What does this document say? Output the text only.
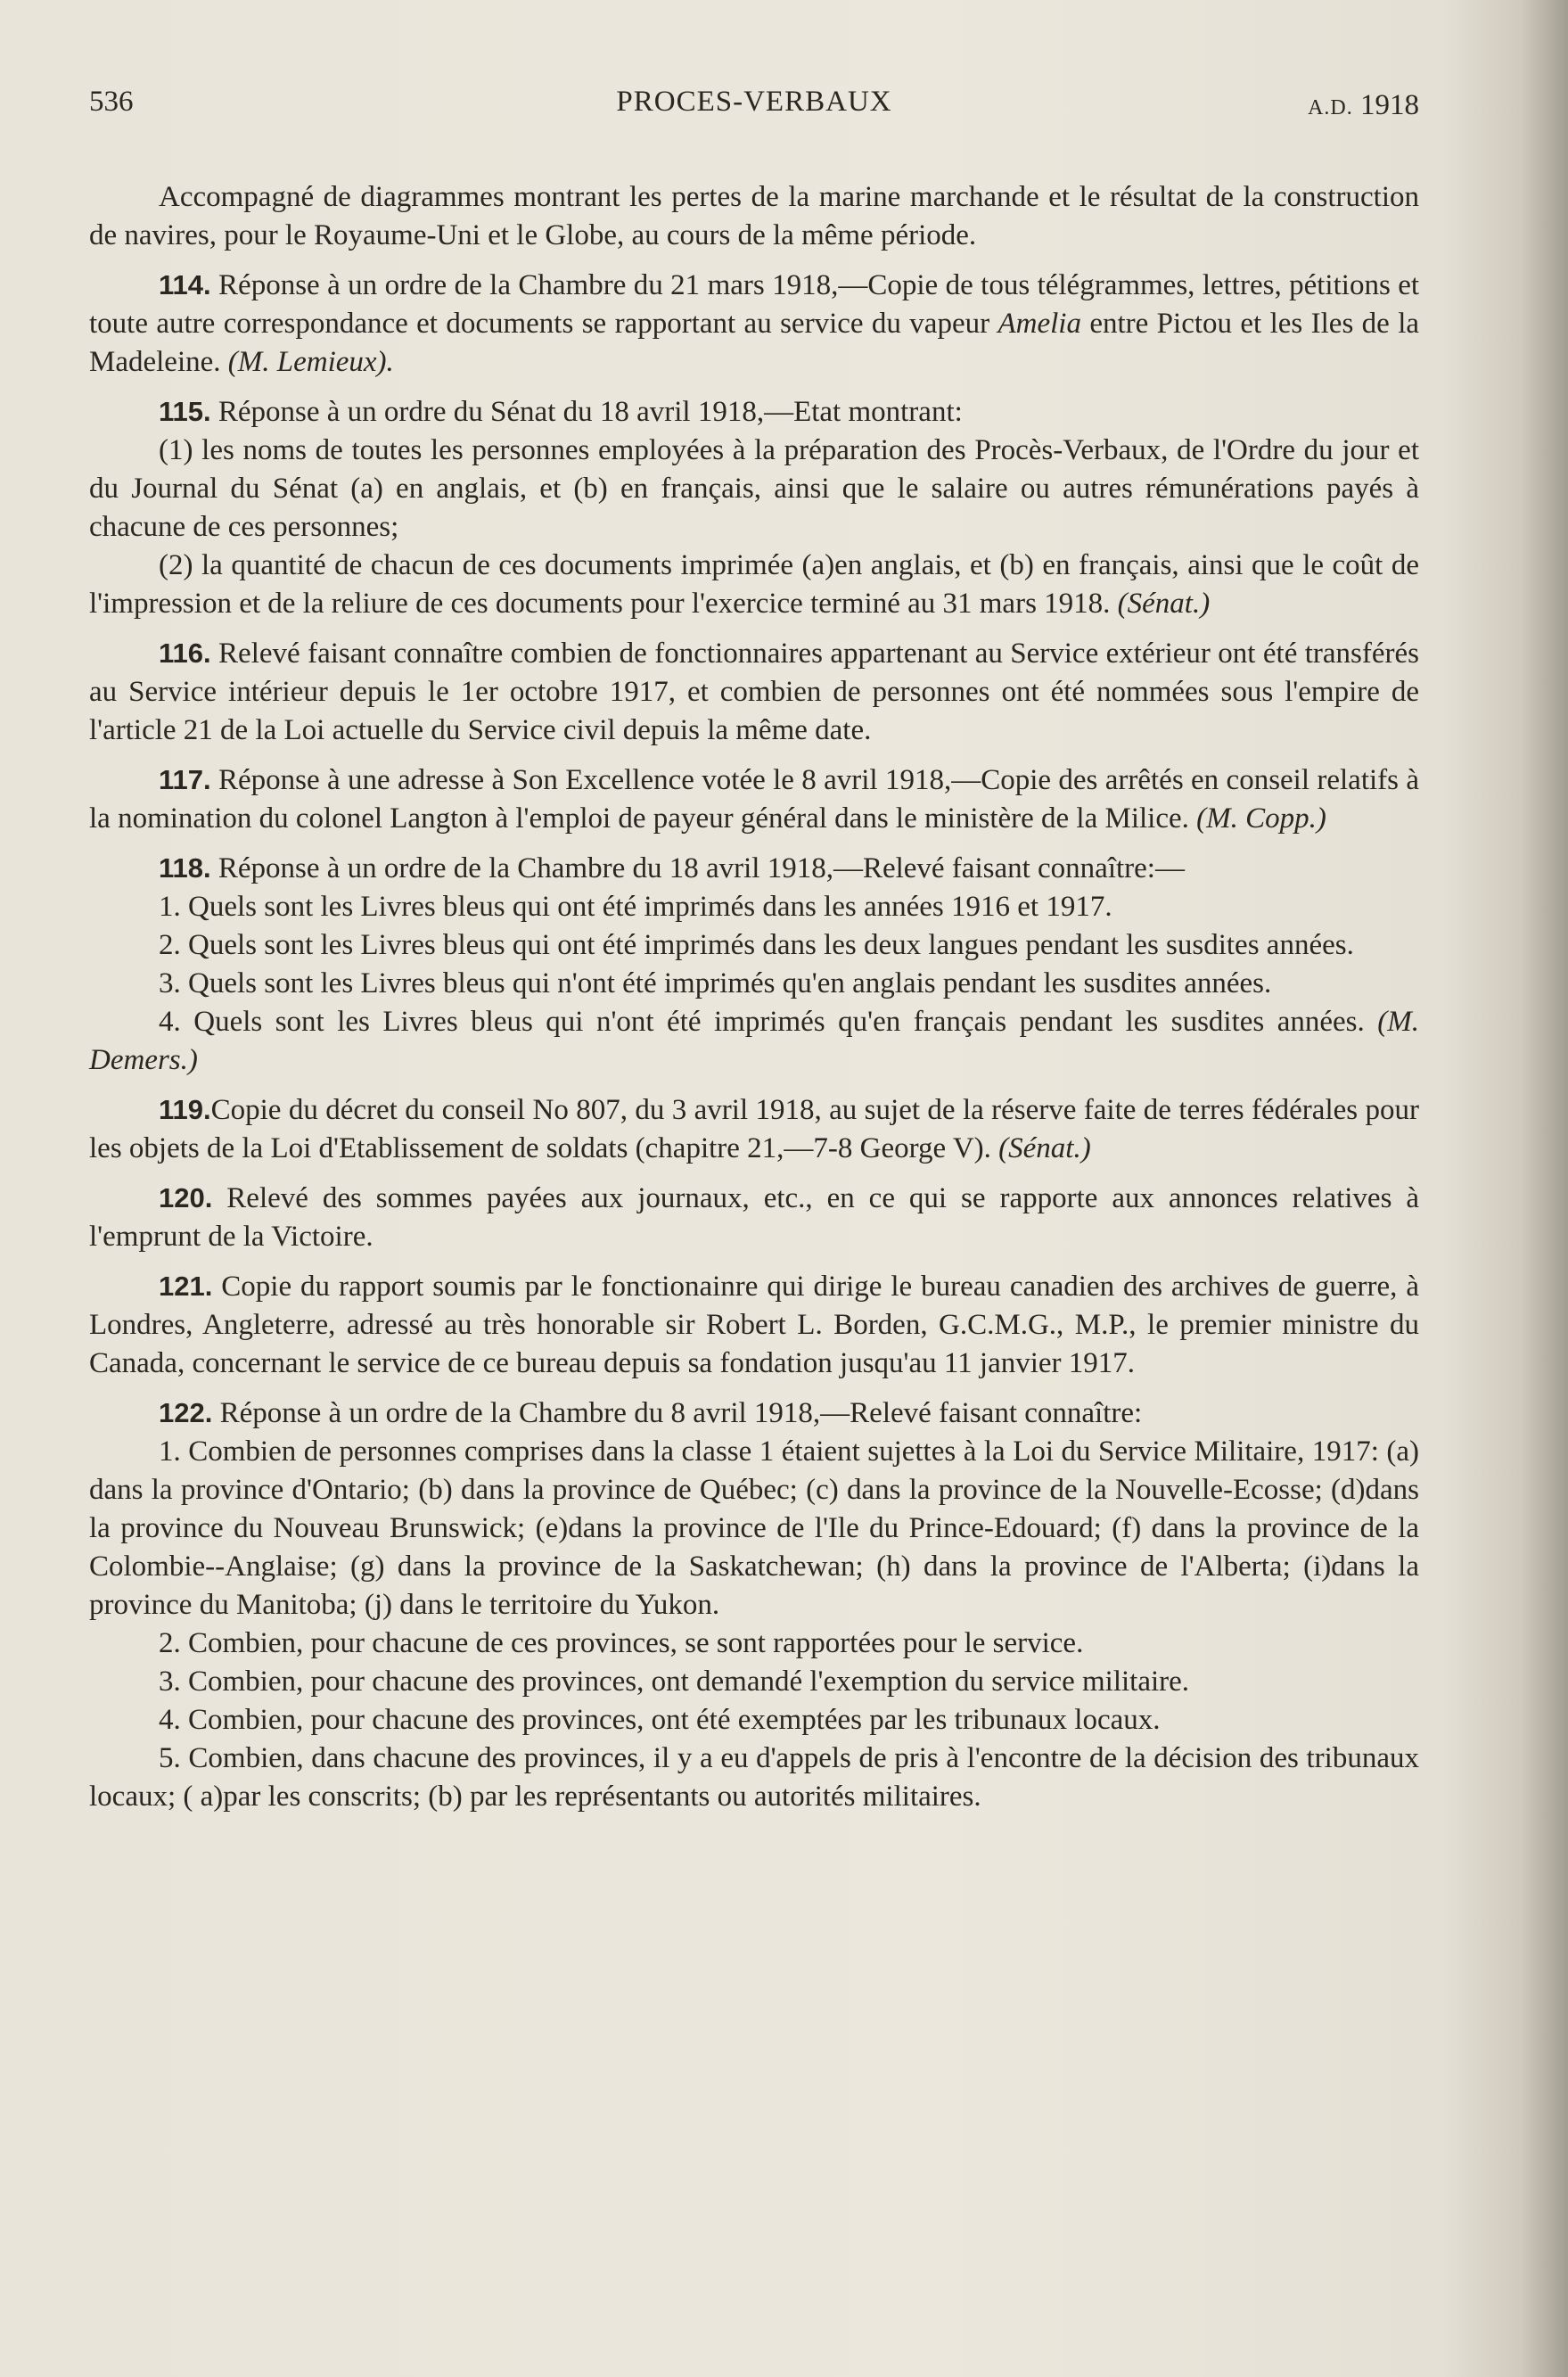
PROCES-VERBAUX
536	A.D. 1918

Accompagné de diagrammes montrant les pertes de la marine marchande et le résultat de la construction de navires, pour le Royaume-Uni et le Globe, au cours de la même période.

114. Réponse à un ordre de la Chambre du 21 mars 1918,—Copie de tous télégrammes, lettres, pétitions et toute autre correspondance et documents se rapportant au service du vapeur Amelia entre Pictou et les Iles de la Madeleine. (M. Lemieux).

115. Réponse à un ordre du Sénat du 18 avril 1918,—Etat montrant:

(1) les noms de toutes les personnes employées à la préparation des Procès-Verbaux, de l'Ordre du jour et du Journal du Sénat (a) en anglais, et (b) en français, ainsi que le salaire ou autres rémunérations payés à chacune de ces personnes;

(2) la quantité de chacun de ces documents imprimée (a)en anglais, et (b) en français, ainsi que le coût de l'impression et de la reliure de ces documents pour l'exercice terminé au 31 mars 1918. (Sénat.)

116. Relevé faisant connaître combien de fonctionnaires appartenant au Service extérieur ont été transférés au Service intérieur depuis le 1er octobre 1917, et combien de personnes ont été nommées sous l'empire de l'article 21 de la Loi actuelle du Service civil depuis la même date.

117. Réponse à une adresse à Son Excellence votée le 8 avril 1918,—Copie des arrêtés en conseil relatifs à la nomination du colonel Langton à l'emploi de payeur général dans le ministère de la Milice. (M. Copp.)

118. Réponse à un ordre de la Chambre du 18 avril 1918,—Relevé faisant connaître:—

1. Quels sont les Livres bleus qui ont été imprimés dans les années 1916 et 1917.

2. Quels sont les Livres bleus qui ont été imprimés dans les deux langues pendant les susdites années.

3. Quels sont les Livres bleus qui n'ont été imprimés qu'en anglais pendant les susdites années.

4. Quels sont les Livres bleus qui n'ont été imprimés qu'en français pendant les susdites années. (M. Demers.)

119.Copie du décret du conseil No 807, du 3 avril 1918, au sujet de la réserve faite de terres fédérales pour les objets de la Loi d'Etablissement de soldats (chapitre 21,—7-8 George V). (Sénat.)

120. Relevé des sommes payées aux journaux, etc., en ce qui se rapporte aux annonces relatives à l'emprunt de la Victoire.

121. Copie du rapport soumis par le fonctionainre qui dirige le bureau canadien des archives de guerre, à Londres, Angleterre, adressé au très honorable sir Robert L. Borden, G.C.M.G., M.P., le premier ministre du Canada, concernant le service de ce bureau depuis sa fondation jusqu'au 11 janvier 1917.

122. Réponse à un ordre de la Chambre du 8 avril 1918,—Relevé faisant connaître:

1. Combien de personnes comprises dans la classe 1 étaient sujettes à la Loi du Service Militaire, 1917: (a) dans la province d'Ontario; (b) dans la province de Québec; (c) dans la province de la Nouvelle-Ecosse; (d)dans la province du Nouveau Brunswick; (e)dans la province de l'Ile du Prince-Edouard; (f) dans la province de la Colombie--Anglaise; (g) dans la province de la Saskatchewan; (h) dans la province de l'Alberta; (i)dans la province du Manitoba; (j) dans le territoire du Yukon.

2. Combien, pour chacune de ces provinces, se sont rapportées pour le service.

3. Combien, pour chacune des provinces, ont demandé l'exemption du service militaire.

4. Combien, pour chacune des provinces, ont été exemptées par les tribunaux locaux.

5. Combien, dans chacune des provinces, il y a eu d'appels de pris à l'encontre de la décision des tribunaux locaux; ( a)par les conscrits; (b) par les représentants ou autorités militaires.
